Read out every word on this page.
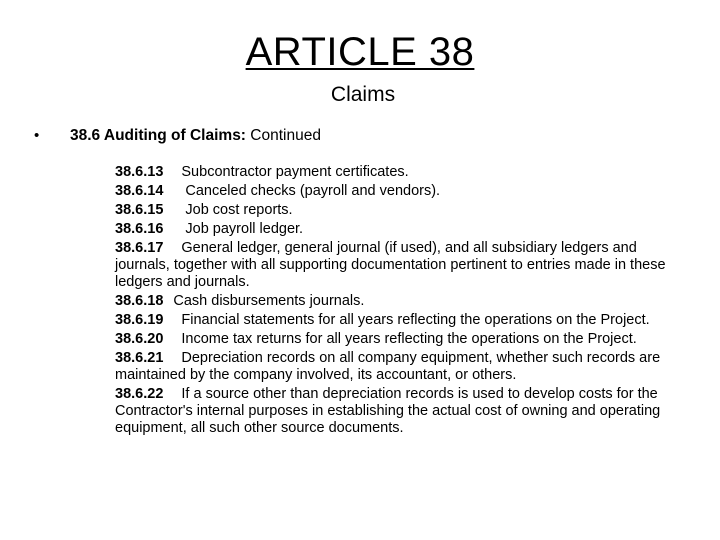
ARTICLE 38
Claims
• 38.6 Auditing of Claims: Continued
38.6.13 Subcontractor payment certificates.
38.6.14 Canceled checks (payroll and vendors).
38.6.15 Job cost reports.
38.6.16 Job payroll ledger.
38.6.17 General ledger, general journal (if used), and all subsidiary ledgers and journals, together with all supporting documentation pertinent to entries made in these ledgers and journals.
38.6.18 Cash disbursements journals.
38.6.19 Financial statements for all years reflecting the operations on the Project.
38.6.20 Income tax returns for all years reflecting the operations on the Project.
38.6.21 Depreciation records on all company equipment, whether such records are maintained by the company involved, its accountant, or others.
38.6.22 If a source other than depreciation records is used to develop costs for the Contractor's internal purposes in establishing the actual cost of owning and operating equipment, all such other source documents.
